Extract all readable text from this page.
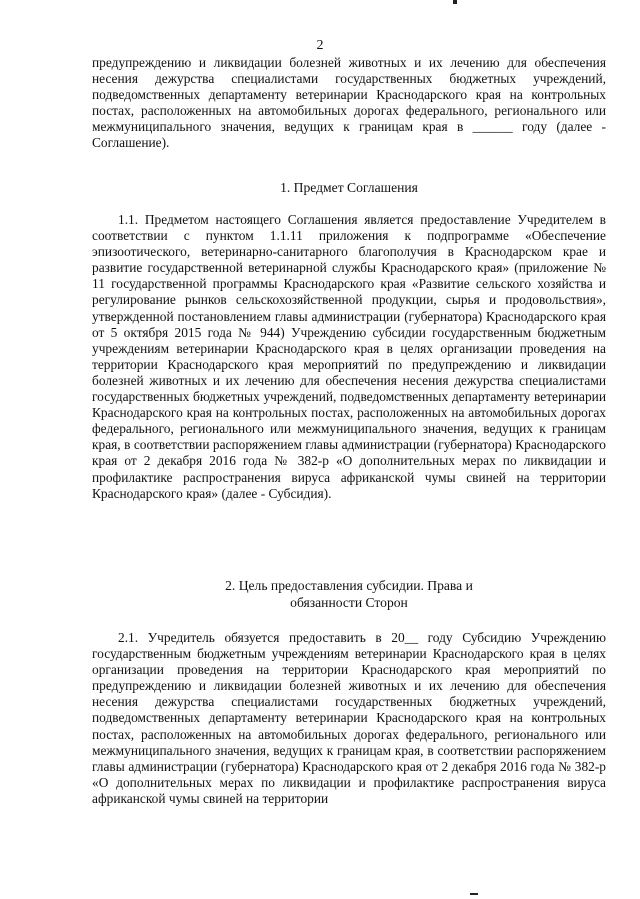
2

предупреждению и ликвидации болезней животных и их лечению для обеспечения несения дежурства специалистами государственных бюджетных учреждений, подведомственных департаменту ветеринарии Краснодарского края на контрольных постах, расположенных на автомобильных дорогах федерального, регионального или межмуниципального значения, ведущих к границам края в ______ году (далее - Соглашение).

1. Предмет Соглашения

1.1. Предметом настоящего Соглашения является предоставление Учредителем в соответствии с пунктом 1.1.11 приложения к подпрограмме «Обеспечение эпизоотического, ветеринарно-санитарного благополучия в Краснодарском крае и развитие государственной ветеринарной службы Краснодарского края» (приложение № 11 государственной программы Краснодарского края «Развитие сельского хозяйства и регулирование рынков сельскохозяйственной продукции, сырья и продовольствия», утвержденной постановлением главы администрации (губернатора) Краснодарского края от 5 октября 2015 года № 944) Учреждению субсидии государственным бюджетным учреждениям ветеринарии Краснодарского края в целях организации проведения на территории Краснодарского края мероприятий по предупреждению и ликвидации болезней животных и их лечению для обеспечения несения дежурства специалистами государственных бюджетных учреждений, подведомственных департаменту ветеринарии Краснодарского края на контрольных постах, расположенных на автомобильных дорогах федерального, регионального или межмуниципального значения, ведущих к границам края, в соответствии распоряжением главы администрации (губернатора) Краснодарского края от 2 декабря 2016 года № 382-р «О дополнительных мерах по ликвидации и профилактике распространения вируса африканской чумы свиней на территории Краснодарского края» (далее - Субсидия).

2. Цель предоставления субсидии. Права и
обязанности Сторон

2.1. Учредитель обязуется предоставить в 20__ году Субсидию Учреждению государственным бюджетным учреждениям ветеринарии Краснодарского края в целях организации проведения на территории Краснодарского края мероприятий по предупреждению и ликвидации болезней животных и их лечению для обеспечения несения дежурства специалистами государственных бюджетных учреждений, подведомственных департаменту ветеринарии Краснодарского края на контрольных постах, расположенных на автомобильных дорогах федерального, регионального или межмуниципального значения, ведущих к границам края, в соответствии распоряжением главы администрации (губернатора) Краснодарского края от 2 декабря 2016 года № 382-р «О дополнительных мерах по ликвидации и профилактике распространения вируса африканской чумы свиней на территории
